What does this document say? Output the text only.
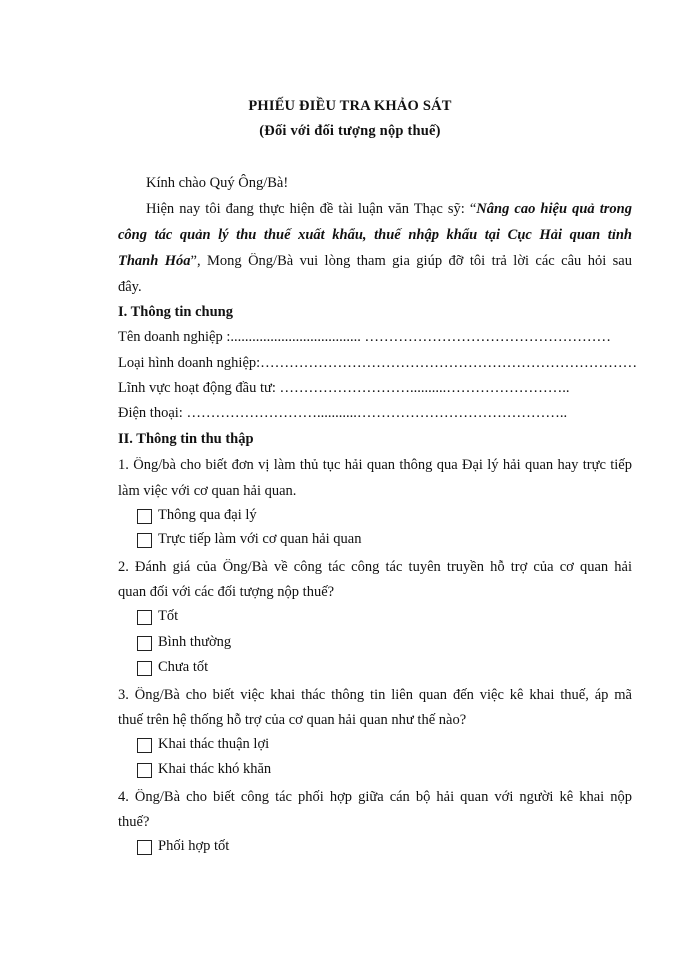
PHIẾU ĐIỀU TRA KHẢO SÁT
(Đối với đối tượng nộp thuế)
Kính chào Quý Ông/Bà!
Hiện nay tôi đang thực hiện đề tài luận văn Thạc sỹ: “Nâng cao hiệu quả trong
công tác quản lý thu thuế xuất khẩu, thuế nhập khẩu tại Cục Hải quan tỉnh
Thanh Hóa”, Mong Ông/Bà vui lòng tham gia giúp đỡ tôi trả lời các câu hỏi sau
đây.
I. Thông tin chung
Tên doanh nghiệp :.................................... ……………………………………………
Loại hình doanh nghiệp:……………………………………………………………………
Lĩnh vực hoạt động đầu tư: ………………………..........……………………..
Điện thoại: ………………………...........……………………………………..
II. Thông tin thu thập
1. Ông/bà cho biết đơn vị làm thủ tục hải quan thông qua Đại lý hải quan hay trực tiếp
làm việc với cơ quan hải quan.
Thông qua đại lý
Trực tiếp làm với cơ quan hải quan
2. Đánh giá của Ông/Bà về công tác công tác tuyên truyền hỗ trợ của cơ quan hải
quan đối với các đối tượng nộp thuế?
Tốt
Bình thường
Chưa tốt
3. Ông/Bà cho biết việc khai thác thông tin liên quan đến việc kê khai thuế, áp mã
thuế trên hệ thống hỗ trợ của cơ quan hải quan như thế nào?
Khai thác thuận lợi
Khai thác khó khăn
4. Ông/Bà cho biết công tác phối hợp giữa cán bộ hải quan với người kê khai nộp
thuế?
Phối hợp tốt
